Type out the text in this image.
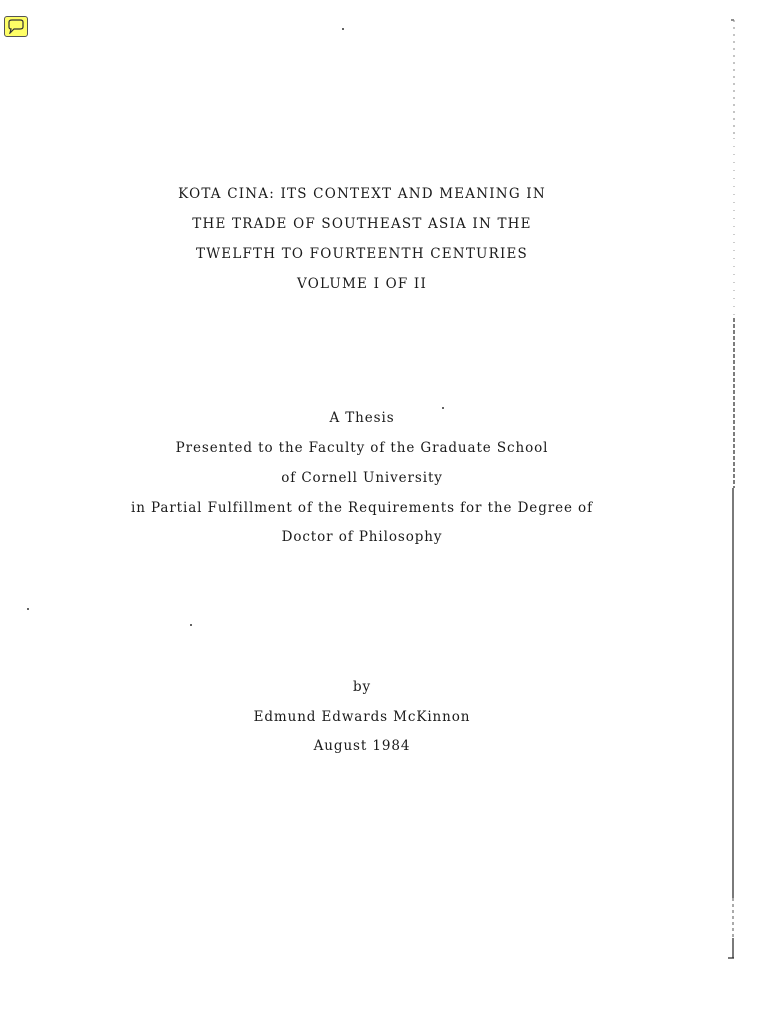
KOTA CINA: ITS CONTEXT AND MEANING IN
THE TRADE OF SOUTHEAST ASIA IN THE
TWELFTH TO FOURTEENTH CENTURIES
VOLUME I OF II
A Thesis
Presented to the Faculty of the Graduate School
of Cornell University
in Partial Fulfillment of the Requirements for the Degree of
Doctor of Philosophy
by
Edmund Edwards McKinnon
August 1984
